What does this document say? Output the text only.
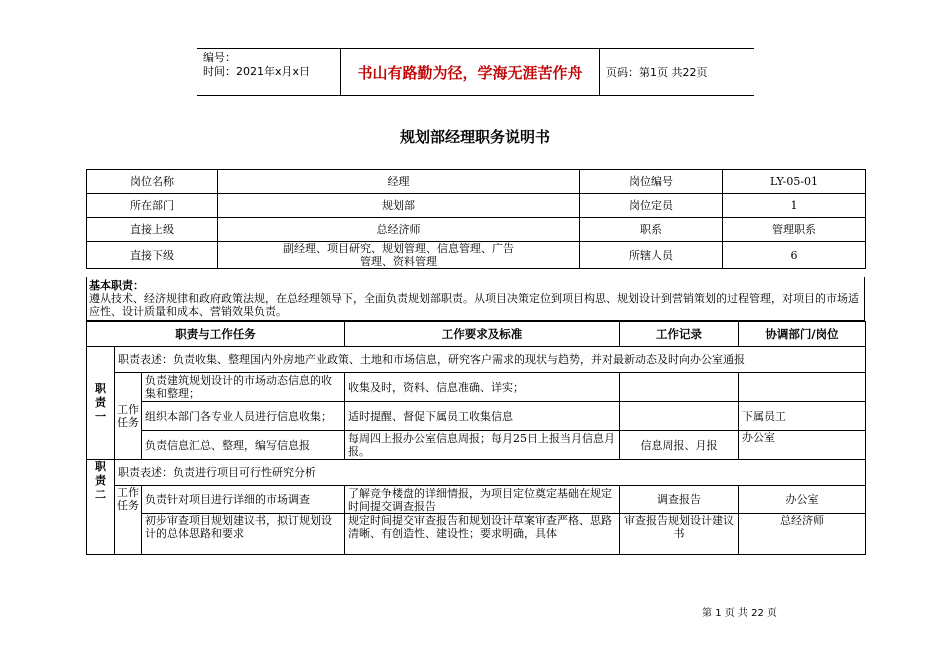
编号：
时间：2021年x月x日	书山有路勤为径，学海无涯苦作舟	页码：第1页 共22页
规划部经理职务说明书
岗位名称	经理	岗位编号	LY-05-01
所在部门	规划部	岗位定员	1
直接上级	总经济师	职系	管理职系
直接下级	副经理、项目研究、规划管理、信息管理、广告管理、资料管理	所辖人员	6
基本职责：
遵从技术、经济规律和政府政策法规，在总经理领导下，全面负责规划部职责。从项目决策定位到项目构思、规划设计到营销策划的过程管理，对项目的市场适应性、设计质量和成本、营销效果负责。
职责与工作任务			工作要求及标准	工作记录	协调部门/岗位
职责一	职责表述：负责收集、整理国内外房地产业政策、土地和市场信息，研究客户需求的现状与趋势，并对最新动态及时向办公室通报				
	工作任务	负责建筑规划设计的市场动态信息的收集和整理；	收集及时，资料、信息准确、详实；		
		组织本部门各专业人员进行信息收集；	适时提醒、督促下属员工收集信息		下属员工
		负责信息汇总、整理，编写信息报	每周四上报办公室信息周报；每月25日上报当月信息月报。	信息周报、月报	办公室
职责二	职责表述：负责进行项目可行性研究分析				
	工作任务	负责针对项目进行详细的市场调查	了解竞争楼盘的详细情报，为项目定位奠定基础在规定时间提交调查报告	调查报告	办公室
		初步审查项目规划建议书，拟订规划设计的总体思路和要求	规定时间提交审查报告和规划设计草案审查严格、思路清晰、有创造性、建设性；要求明确，具体	审查报告规划设计建议书	总经济师
第 1 页 共 22 页
